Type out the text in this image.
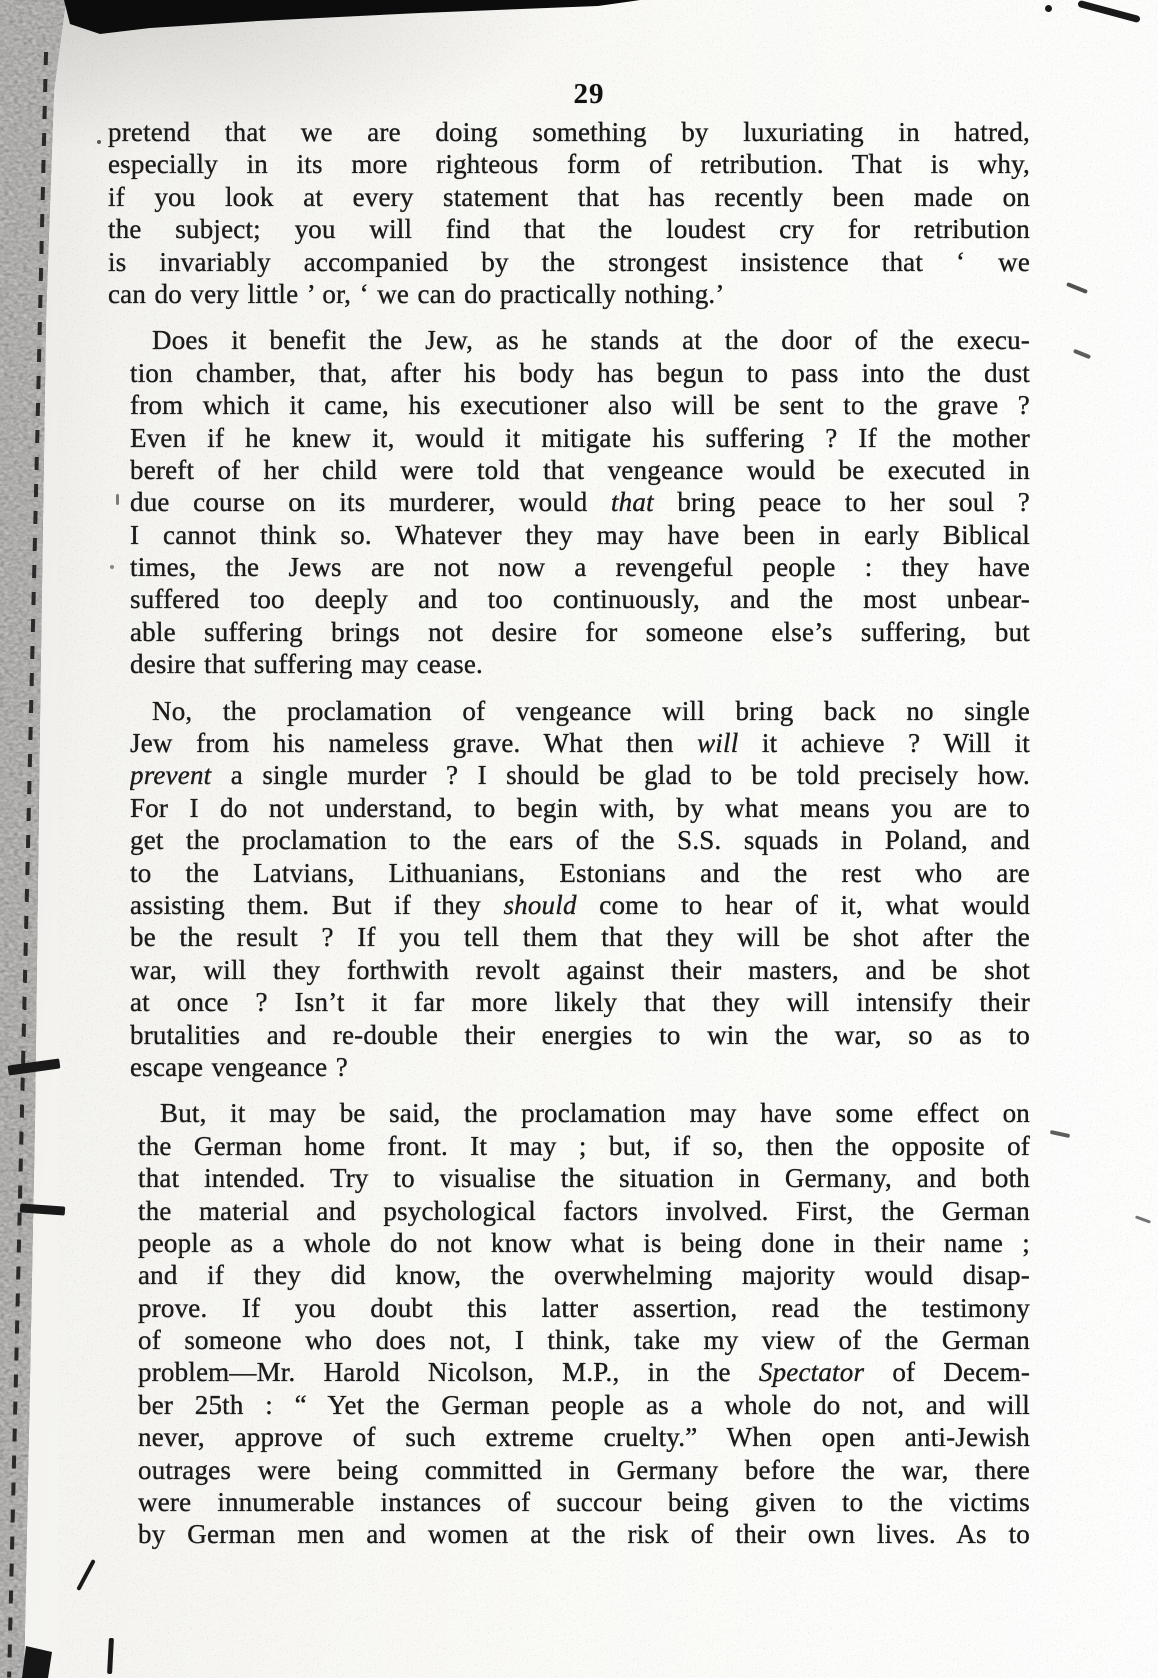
29
pretend that we are doing something by luxuriating in hatred,
especially in its more righteous form of retribution. That is why,
if you look at every statement that has recently been made on
the subject; you will find that the loudest cry for retribution
is invariably accompanied by the strongest insistence that ‘ we
can do very little ’ or, ‘ we can do practically nothing.’
Does it benefit the Jew, as he stands at the door of the execu-
tion chamber, that, after his body has begun to pass into the dust
from which it came, his executioner also will be sent to the grave ?
Even if he knew it, would it mitigate his suffering ? If the mother
bereft of her child were told that vengeance would be executed in
due course on its murderer, would that bring peace to her soul ?
I cannot think so. Whatever they may have been in early Biblical
times, the Jews are not now a revengeful people : they have
suffered too deeply and too continuously, and the most unbear-
able suffering brings not desire for someone else’s suffering, but
desire that suffering may cease.
No, the proclamation of vengeance will bring back no single
Jew from his nameless grave. What then will it achieve ? Will it
prevent a single murder ? I should be glad to be told precisely how.
For I do not understand, to begin with, by what means you are to
get the proclamation to the ears of the S.S. squads in Poland, and
to the Latvians, Lithuanians, Estonians and the rest who are
assisting them. But if they should come to hear of it, what would
be the result ? If you tell them that they will be shot after the
war, will they forthwith revolt against their masters, and be shot
at once ? Isn’t it far more likely that they will intensify their
brutalities and re-double their energies to win the war, so as to
escape vengeance ?
But, it may be said, the proclamation may have some effect on
the German home front. It may ; but, if so, then the opposite of
that intended. Try to visualise the situation in Germany, and both
the material and psychological factors involved. First, the German
people as a whole do not know what is being done in their name ;
and if they did know, the overwhelming majority would disap-
prove. If you doubt this latter assertion, read the testimony
of someone who does not, I think, take my view of the German
problem—Mr. Harold Nicolson, M.P., in the Spectator of Decem-
ber 25th : “ Yet the German people as a whole do not, and will
never, approve of such extreme cruelty.” When open anti-Jewish
outrages were being committed in Germany before the war, there
were innumerable instances of succour being given to the victims
by German men and women at the risk of their own lives. As to
